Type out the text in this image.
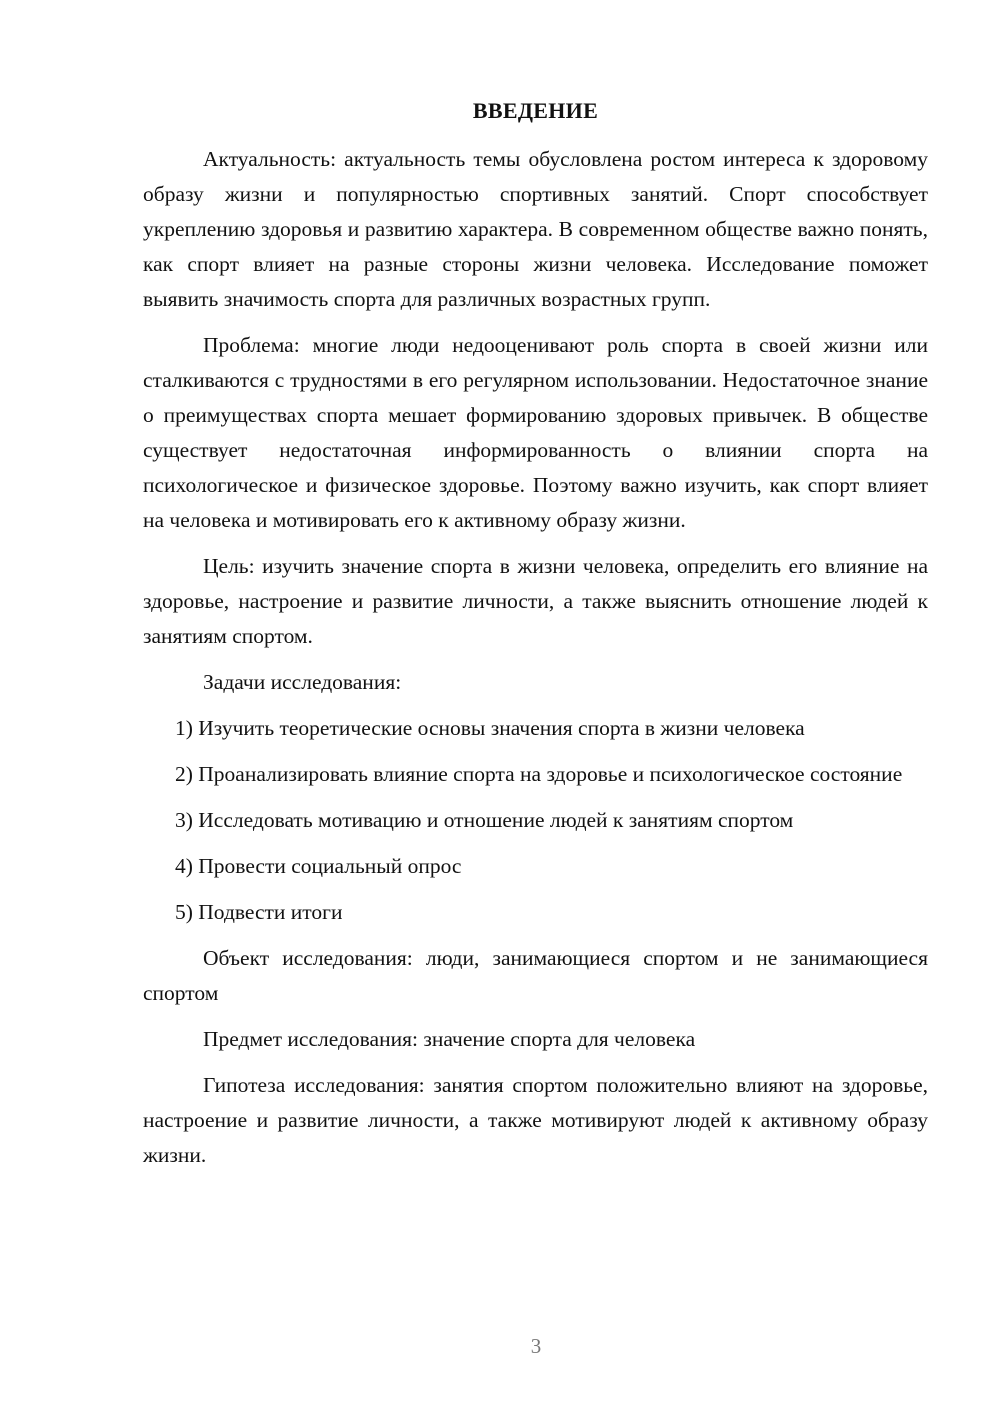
ВВЕДЕНИЕ

Актуальность: актуальность темы обусловлена ростом интереса к здоровому образу жизни и популярностью спортивных занятий. Спорт способствует укреплению здоровья и развитию характера. В современном обществе важно понять, как спорт влияет на разные стороны жизни человека. Исследование поможет выявить значимость спорта для различных возрастных групп.

Проблема: многие люди недооценивают роль спорта в своей жизни или сталкиваются с трудностями в его регулярном использовании. Недостаточное знание о преимуществах спорта мешает формированию здоровых привычек. В обществе существует недостаточная информированность о влиянии спорта на психологическое и физическое здоровье. Поэтому важно изучить, как спорт влияет на человека и мотивировать его к активному образу жизни.

Цель: изучить значение спорта в жизни человека, определить его влияние на здоровье, настроение и развитие личности, а также выяснить отношение людей к занятиям спортом.

Задачи исследования:

1) Изучить теоретические основы значения спорта в жизни человека

2) Проанализировать влияние спорта на здоровье и психологическое состояние

3) Исследовать мотивацию и отношение людей к занятиям спортом

4) Провести социальный опрос

5) Подвести итоги

Объект исследования: люди, занимающиеся спортом и не занимающиеся спортом

Предмет исследования: значение спорта для человека

Гипотеза исследования: занятия спортом положительно влияют на здоровье, настроение и развитие личности, а также мотивируют людей к активному образу жизни.

3
